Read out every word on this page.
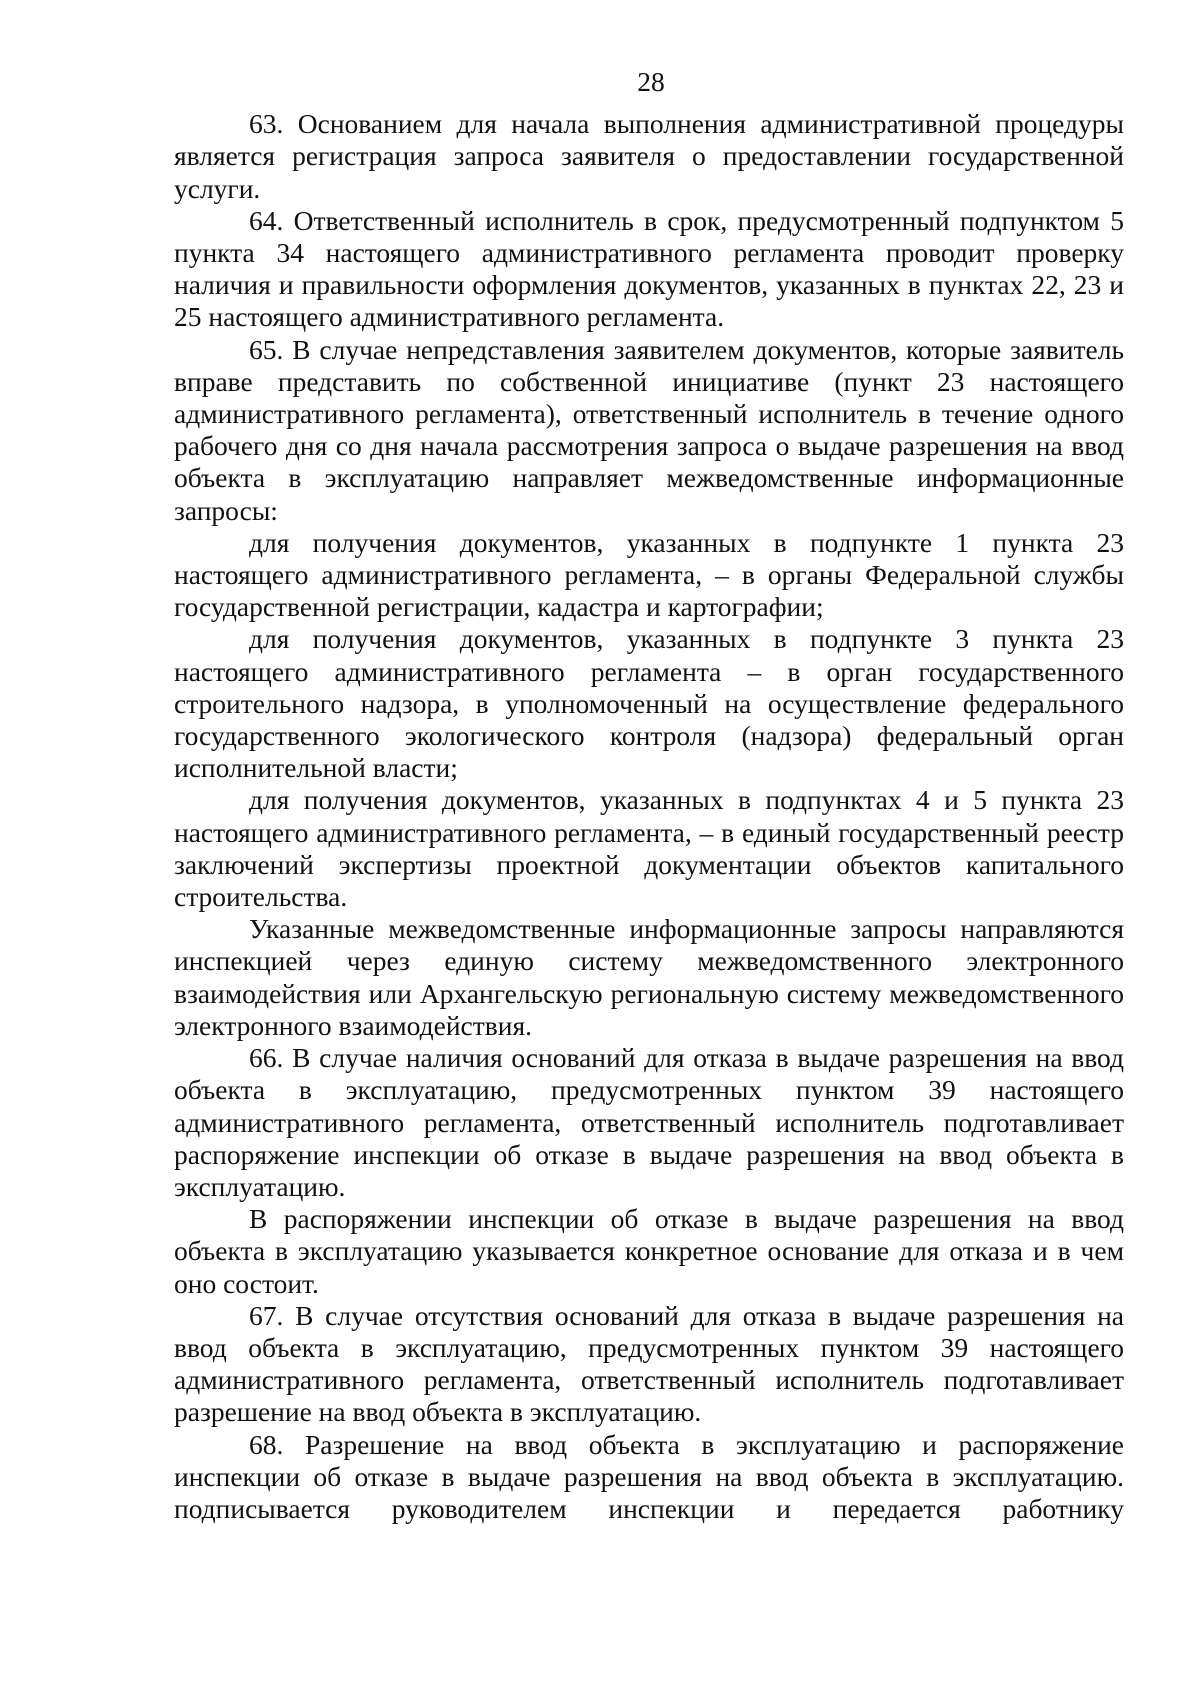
28

63. Основанием для начала выполнения административной процедуры является регистрация запроса заявителя о предоставлении государственной услуги.

64. Ответственный исполнитель в срок, предусмотренный подпунктом 5 пункта 34 настоящего административного регламента проводит проверку наличия и правильности оформления документов, указанных в пунктах 22, 23 и 25 настоящего административного регламента.

65. В случае непредставления заявителем документов, которые заявитель вправе представить по собственной инициативе (пункт 23 настоящего административного регламента), ответственный исполнитель в течение одного рабочего дня со дня начала рассмотрения запроса о выдаче разрешения на ввод объекта в эксплуатацию направляет межведомственные информационные запросы:

для получения документов, указанных в подпункте 1 пункта 23 настоящего административного регламента, – в органы Федеральной службы государственной регистрации, кадастра и картографии;

для получения документов, указанных в подпункте 3 пункта 23 настоящего административного регламента – в орган государственного строительного надзора, в уполномоченный на осуществление федерального государственного экологического контроля (надзора) федеральный орган исполнительной власти;

для получения документов, указанных в подпунктах 4 и 5 пункта 23 настоящего административного регламента, – в единый государственный реестр заключений экспертизы проектной документации объектов капитального строительства.

Указанные межведомственные информационные запросы направляются инспекцией через единую систему межведомственного электронного взаимодействия или Архангельскую региональную систему межведомственного электронного взаимодействия.

66. В случае наличия оснований для отказа в выдаче разрешения на ввод объекта в эксплуатацию, предусмотренных пунктом 39 настоящего административного регламента, ответственный исполнитель подготавливает распоряжение инспекции об отказе в выдаче разрешения на ввод объекта в эксплуатацию.

В распоряжении инспекции об отказе в выдаче разрешения на ввод объекта в эксплуатацию указывается конкретное основание для отказа и в чем оно состоит.

67. В случае отсутствия оснований для отказа в выдаче разрешения на ввод объекта в эксплуатацию, предусмотренных пунктом 39 настоящего административного регламента, ответственный исполнитель подготавливает разрешение на ввод объекта в эксплуатацию.

68. Разрешение на ввод объекта в эксплуатацию и распоряжение инспекции об отказе в выдаче разрешения на ввод объекта в эксплуатацию. подписывается руководителем инспекции и передается работнику
